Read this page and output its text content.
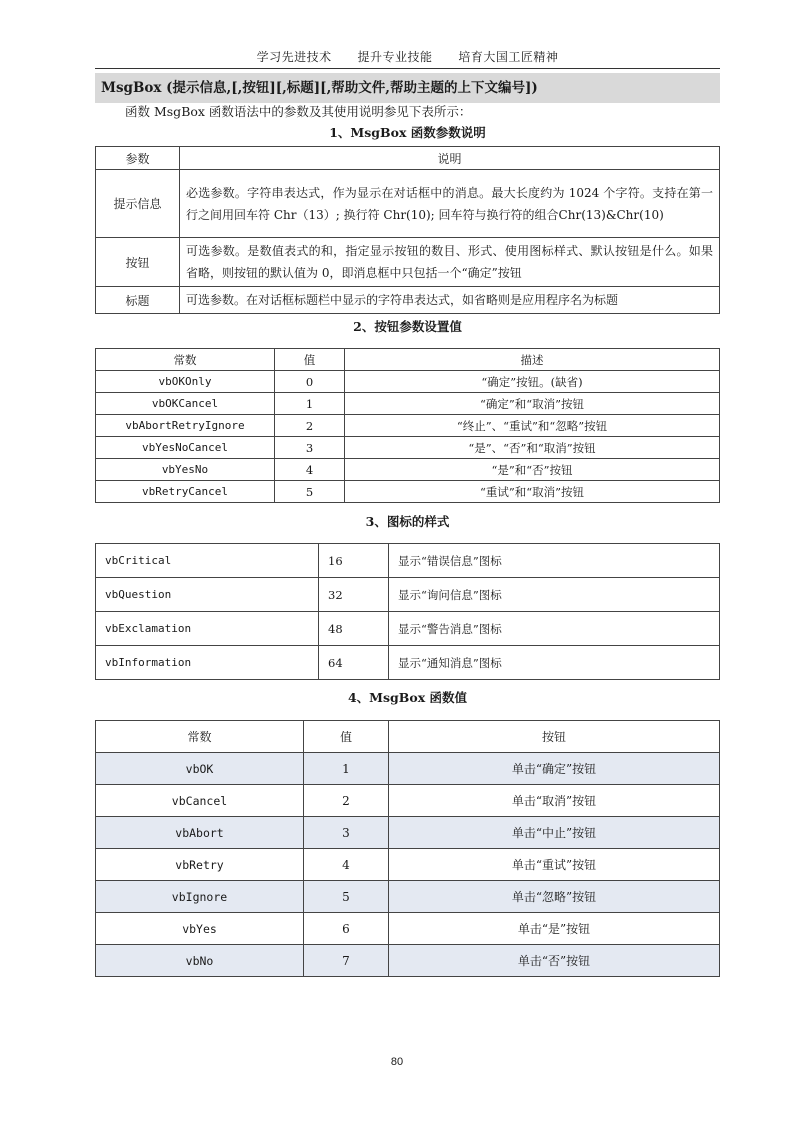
学习先进技术      提升专业技能      培育大国工匠精神
MsgBox (提示信息,[,按钮][,标题][,帮助文件,帮助主题的上下文编号])
函数 MsgBox 函数语法中的参数及其使用说明参见下表所示：
1、MsgBox 函数参数说明
参数	说明
提示信息	必选参数。字符串表达式，作为显示在对话框中的消息。最大长度约为 1024 个字符。支持在第一行之间用回车符 Chr（13）; 换行符 Chr(10); 回车符与换行符的组合Chr(13)&Chr(10)
按钮	可选参数。是数值表式的和，指定显示按钮的数目、形式、使用图标样式、默认按钮是什么。如果省略，则按钮的默认值为 0，即消息框中只包括一个“确定”按钮
标题	可选参数。在对话框标题栏中显示的字符串表达式，如省略则是应用程序名为标题
2、按钮参数设置值
常数	值	描述
vbOKOnly	0	“确定”按钮。(缺省)
vbOKCancel	1	“确定”和“取消”按钮
vbAbortRetryIgnore	2	“终止”、“重试”和“忽略”按钮
vbYesNoCancel	3	“是”、“否”和“取消”按钮
vbYesNo	4	“是”和“否”按钮
vbRetryCancel	5	“重试”和“取消”按钮
3、图标的样式
vbCritical	16	显示“错误信息”图标
vbQuestion	32	显示“询问信息”图标
vbExclamation	48	显示“警告消息”图标
vbInformation	64	显示“通知消息”图标
4、MsgBox 函数值
常数	值	按钮
vbOK	1	单击“确定”按钮
vbCancel	2	单击“取消”按钮
vbAbort	3	单击“中止”按钮
vbRetry	4	单击“重试”按钮
vbIgnore	5	单击“忽略”按钮
vbYes	6	单击“是”按钮
vbNo	7	单击“否”按钮
80
